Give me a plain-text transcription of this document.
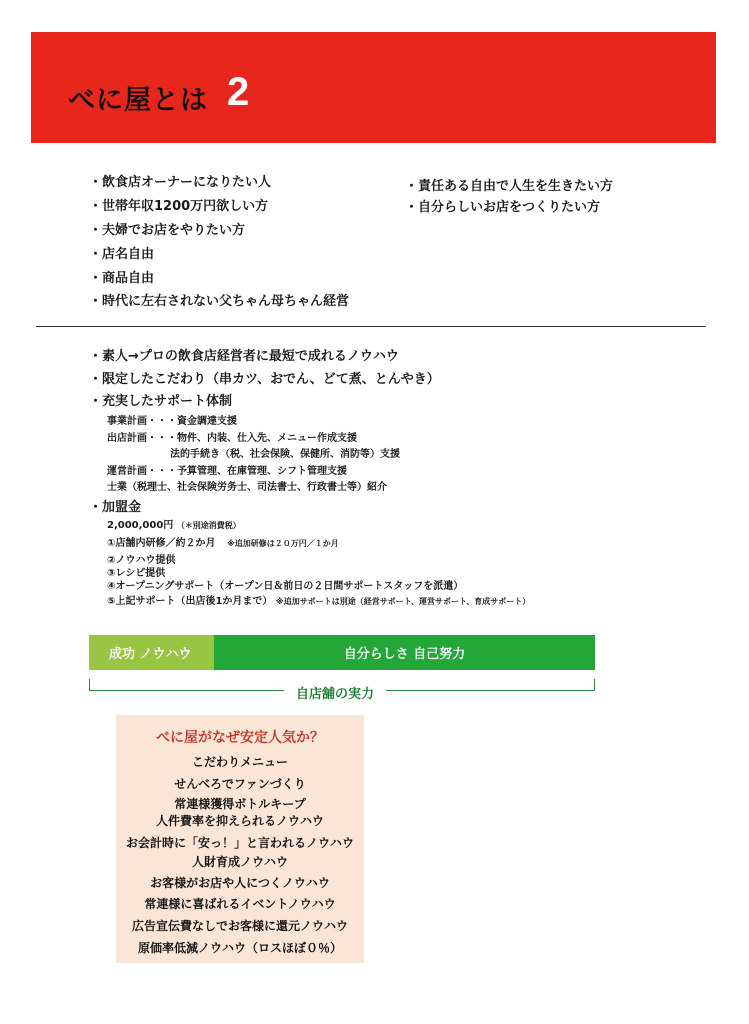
べに屋とは 2
・飲食店オーナーになりたい人
・世帯年収1200万円欲しい方
・夫婦でお店をやりたい方
・店名自由
・商品自由
・時代に左右されない父ちゃん母ちゃん経営
・責任ある自由で人生を生きたい方
・自分らしいお店をつくりたい方
・素人→プロの飲食店経営者に最短で成れるノウハウ
・限定したこだわり（串カツ、おでん、どて煮、とんやき）
・充実したサポート体制
事業計画・・・資金調達支援
出店計画・・・物件、内装、仕入先、メニュー作成支援
法的手続き（税、社会保険、保健所、消防等）支援
運営計画・・・予算管理、在庫管理、シフト管理支援
士業（税理士、社会保険労务士、司法書士、行政書士等）紹介
・加盟金
2,000,000円 （＊別途消費税）
①店舗内研修／約２か月 ※追加研修は２０万円／１か月
②ノウハウ提供
③レシピ提供
④オープニングサポート（オープン日＆前日の２日間サポートスタッフを派遣）
⑤上記サポート（出店後1か月まで） ※追加サポートは別途（経営サポート、運営サポート、育成サポート）
成功 ノウハウ	自分らしさ 自己努力
自店舗の実力
べに屋がなぜ安定人気か？
こだわりメニュー
せんべろでファンづくり
常連様獲得ボトルキープ
人件費率を抑えられるノウハウ
お会計時に「安っ！」と言われるノウハウ
人財育成ノウハウ
お客様がお店や人につくノウハウ
常連様に喜ばれるイベントノウハウ
広告宣伝費なしでお客様に還元ノウハウ
原価率低減ノウハウ（ロスほぼ０％）
